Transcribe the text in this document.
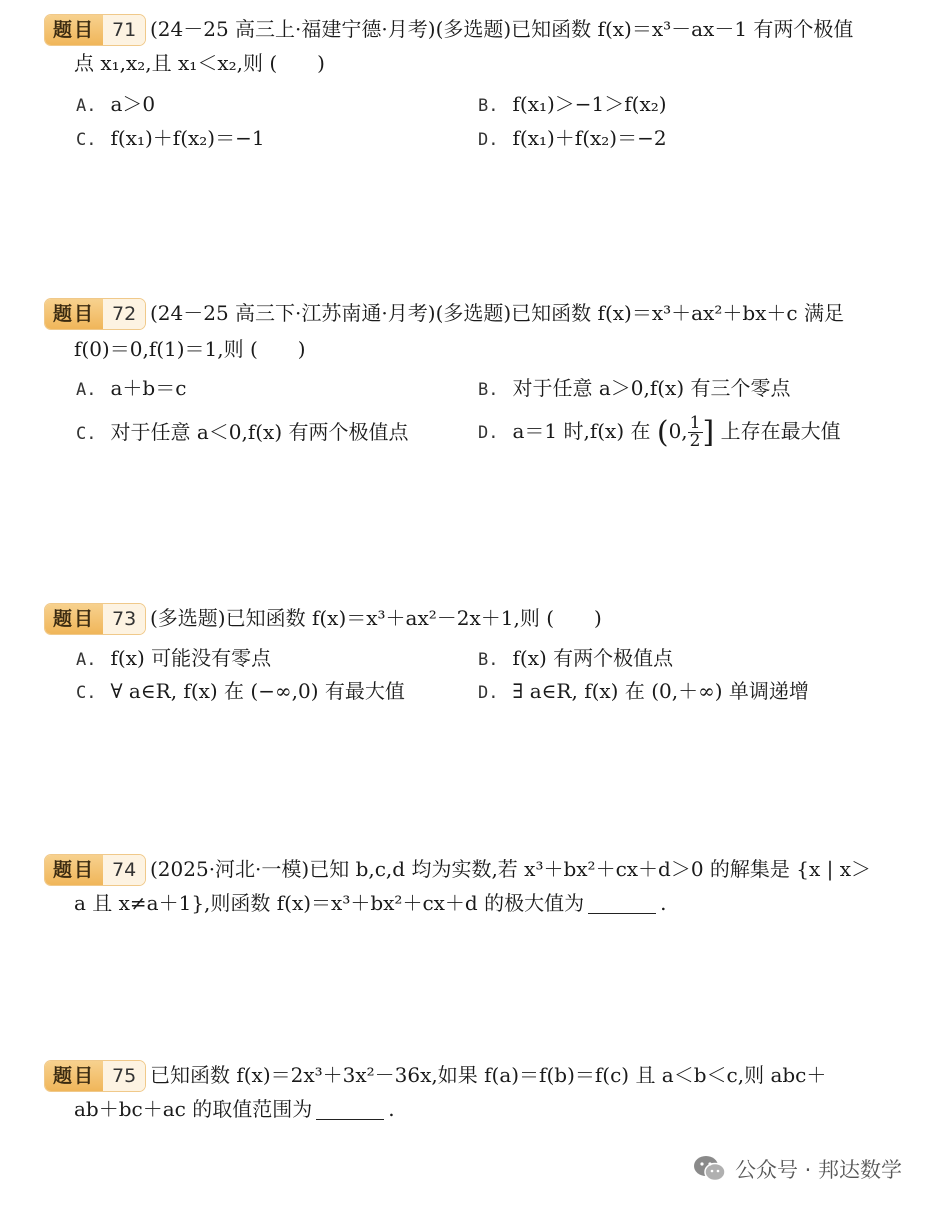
题目 71 (24－25 高三上·福建宁德·月考)(多选题)已知函数 f(x)＝x³－ax－1 有两个极值
点 x₁,x₂,且 x₁＜x₂,则 (　　)
A. a＞0	B. f(x₁)＞−1＞f(x₂)
C. f(x₁)＋f(x₂)＝−1	D. f(x₁)＋f(x₂)＝−2
题目 72 (24－25 高三下·江苏南通·月考)(多选题)已知函数 f(x)＝x³＋ax²＋bx＋c 满足
f(0)＝0,f(1)＝1,则 (　　)
A. a＋b＝c	B. 对于任意 a＞0,f(x) 有三个零点
C. 对于任意 a＜0,f(x) 有两个极值点	D. a＝1 时,f(x) 在 (0, $\frac{1}{2}$ ] 上存在最大值
题目 73 (多选题)已知函数 f(x)＝x³＋ax²－2x＋1,则 (　　)
A. f(x) 可能没有零点	B. f(x) 有两个极值点
C. ∀ a∈R, f(x) 在 (−∞,0) 有最大值	D. ∃ a∈R, f(x) 在 (0,＋∞) 单调递增
题目 74 (2025·河北·一模)已知 b,c,d 均为实数,若 x³＋bx²＋cx＋d＞0 的解集是 {x | x＞
a 且 x≠a＋1},则函数 f(x)＝x³＋bx²＋cx＋d 的极大值为	.
题目 75 已知函数 f(x)＝2x³＋3x²－36x,如果 f(a)＝f(b)＝f(c) 且 a＜b＜c,则 abc＋
ab＋bc＋ac 的取值范围为	.
公众号 · 邦达数学
